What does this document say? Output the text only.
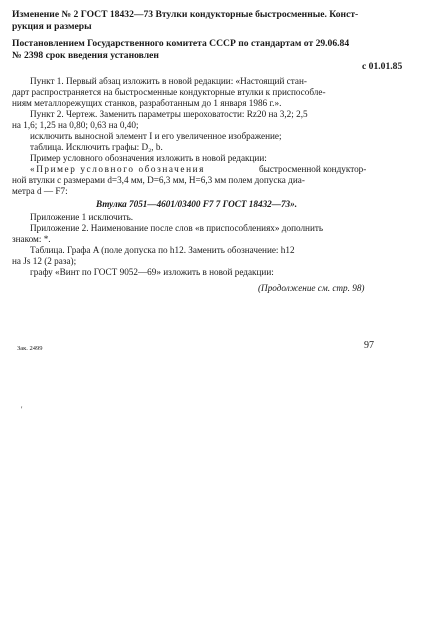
Изменение № 2 ГОСТ 18432—73 Втулки кондукторные быстросменные. Конст-
рукция и размеры
Постановлением Государственного комитета СССР по стандартам от 29.06.84
№ 2398 срок введения установлен
с 01.01.85
Пункт 1. Первый абзац изложить в новой редакции: «Настоящий стан-
дарт распространяется на быстросменные кондукторные втулки к приспособле-
ниям металлорежущих станков, разработанным до 1 января 1986 г.».
Пункт 2. Чертеж. Заменить параметры шероховатости: Rz20 на 3,2; 2,5
на 1,6; 1,25 на 0,80; 0,63 на 0,40;
исключить выносной элемент I и его увеличенное изображение;
таблица. Исключить графы: D₂, b.
Пример условного обозначения изложить в новой редакции:
«Пример условного обозначения	быстросменной кондуктор-
ной втулки с размерами d=3,4 мм, D=6,3 мм, H=6,3 мм полем допуска диа-
метра d — F7:
Втулка 7051—4601/03400 F7 7 ГОСТ 18432—73».
Приложение 1 исключить.
Приложение 2. Наименование после слов «в приспособлениях» дополнить
знаком: *.
Таблица. Графа A (поле допуска по h12. Заменить обозначение: h12
на Js 12 (2 раза);
графу «Винт по ГОСТ 9052—69» изложить в новой редакции:
(Продолжение см. стр. 98)
Зак. 2499	97
'
